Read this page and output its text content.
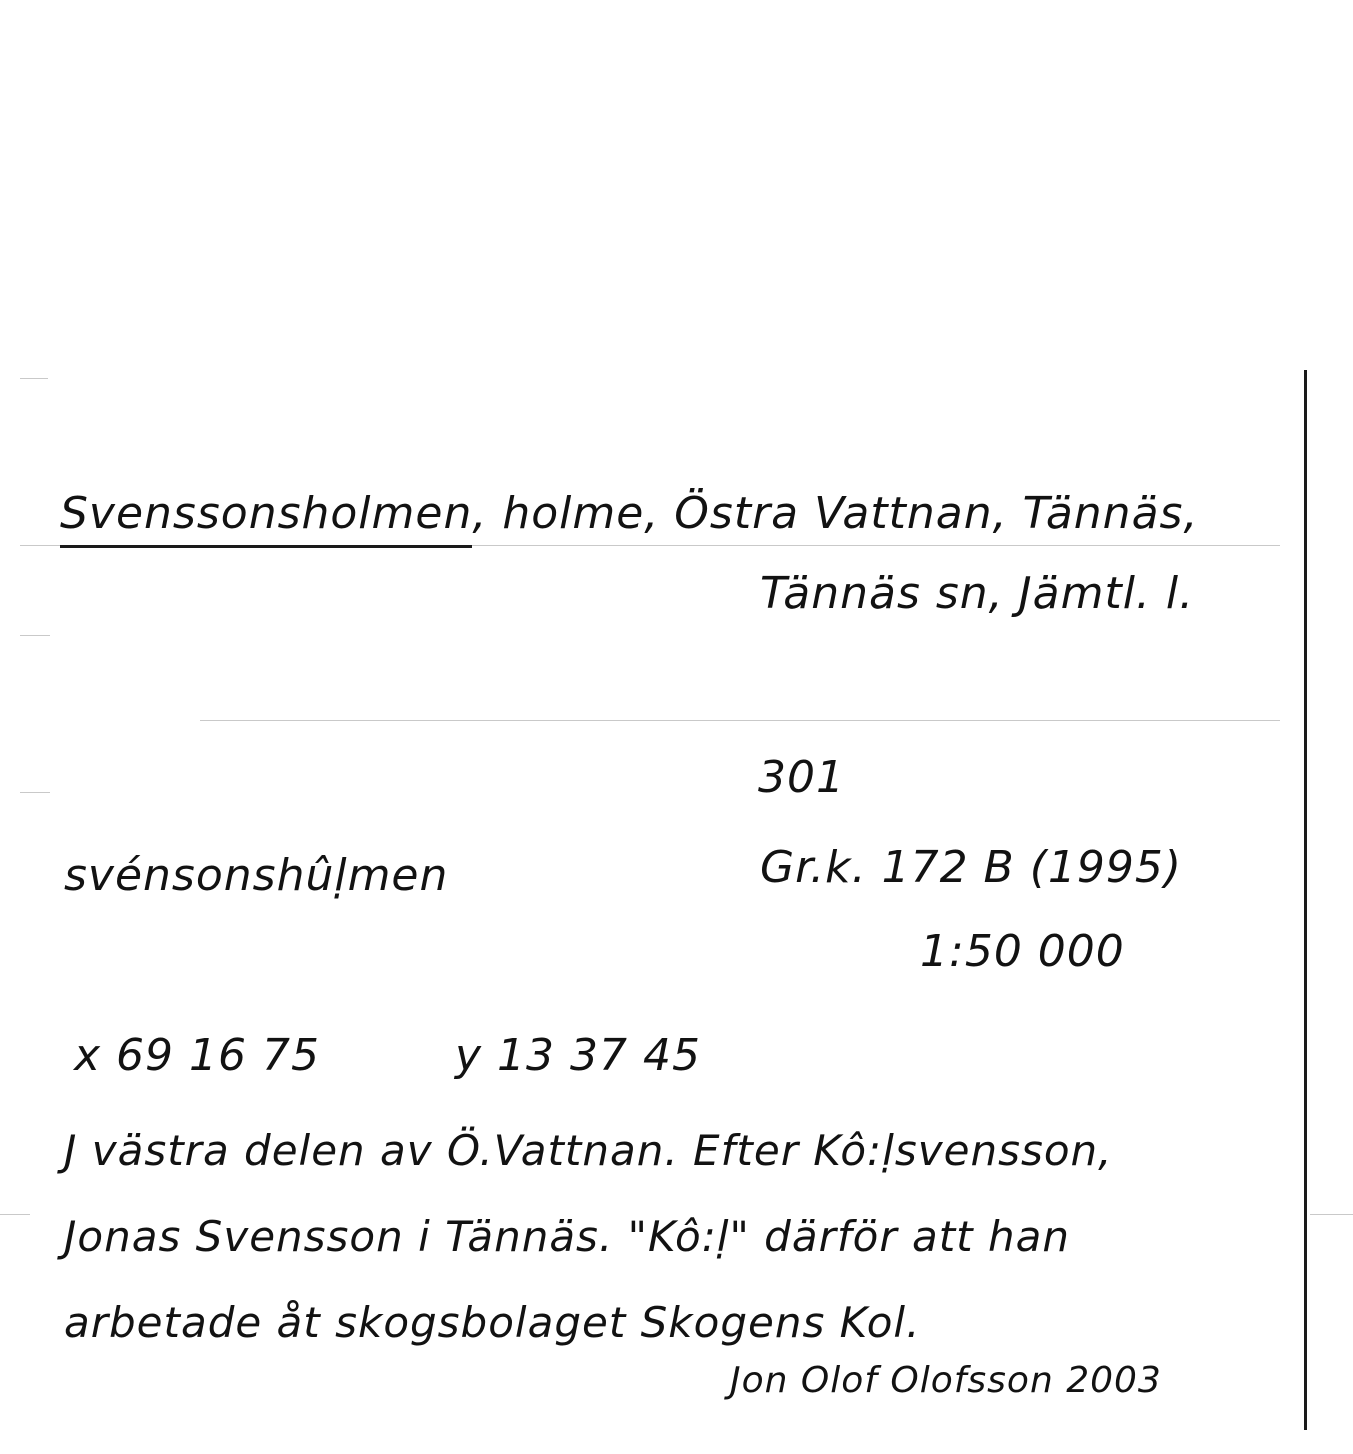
Svenssonsholmen, holme, Östra Vattnan, Tännäs,
Tännäs sn, Jämtl. l.
301
svénsonshûḷmen	Gr.k. 172 B (1995)
1:50 000
x 69 16 75	y 13 37 45
J västra delen av Ö.Vattnan. Efter Kô:ḷsvensson,
Jonas Svensson i Tännäs. "Kô:ḷ" därför att han
arbetade åt skogsbolaget Skogens Kol.
Jon Olof Olofsson 2003
